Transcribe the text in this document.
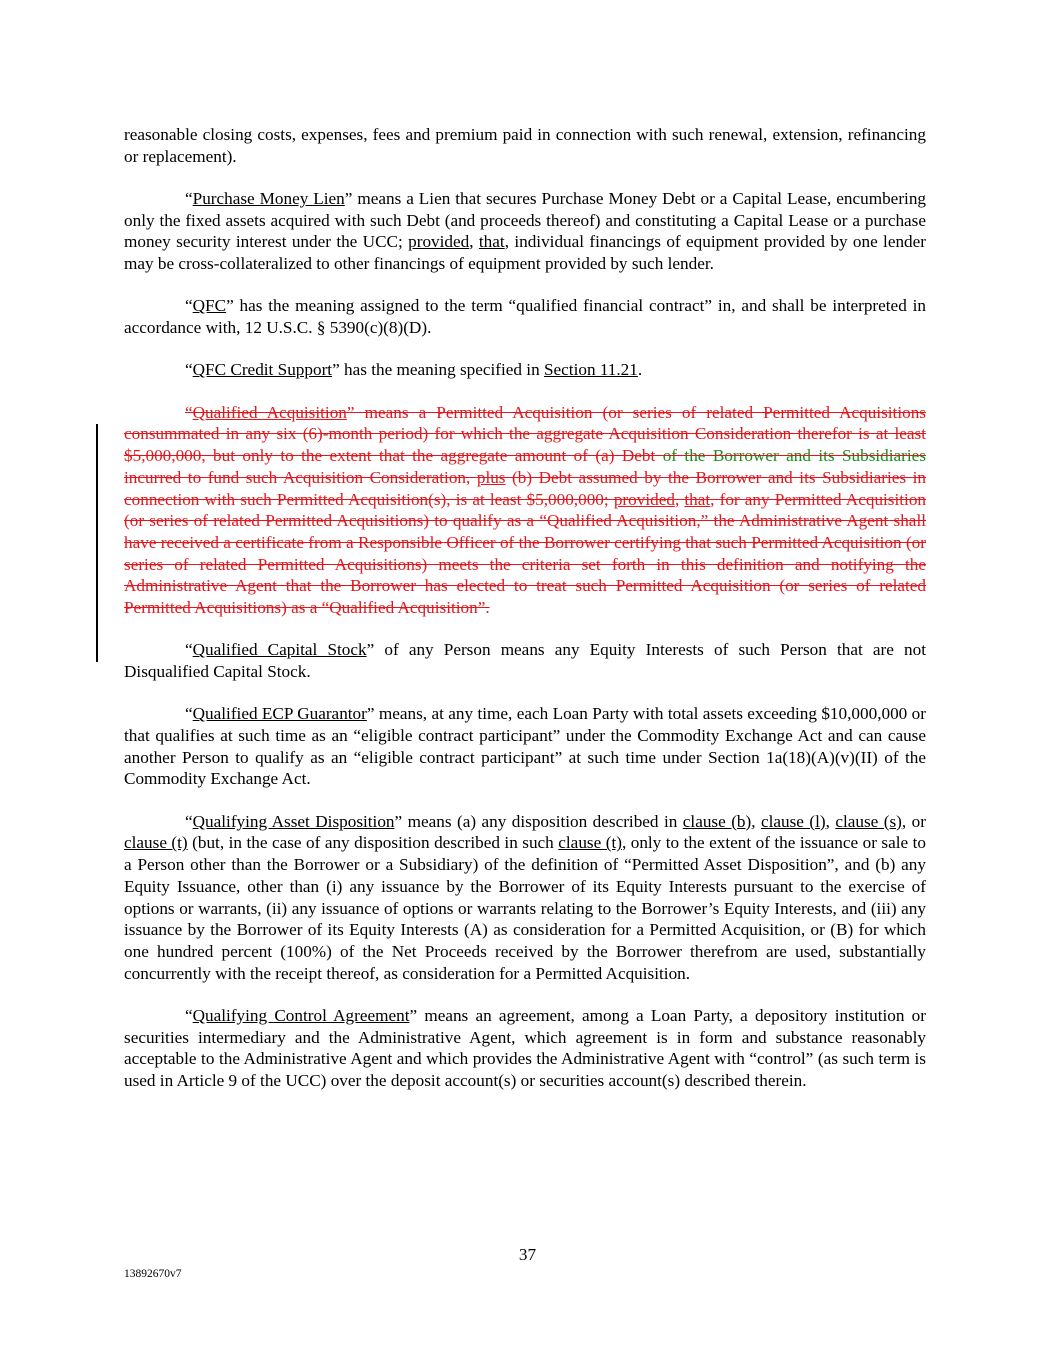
reasonable closing costs, expenses, fees and premium paid in connection with such renewal, extension, refinancing or replacement).

“Purchase Money Lien” means a Lien that secures Purchase Money Debt or a Capital Lease, encumbering only the fixed assets acquired with such Debt (and proceeds thereof) and constituting a Capital Lease or a purchase money security interest under the UCC; provided, that, individual financings of equipment provided by one lender may be cross-collateralized to other financings of equipment provided by such lender.

“QFC” has the meaning assigned to the term “qualified financial contract” in, and shall be interpreted in accordance with, 12 U.S.C. § 5390(c)(8)(D).

“QFC Credit Support” has the meaning specified in Section 11.21.

“Qualified Acquisition” means a Permitted Acquisition (or series of related Permitted Acquisitions consummated in any six (6)-month period) for which the aggregate Acquisition Consideration therefor is at least $5,000,000, but only to the extent that the aggregate amount of (a) Debt of the Borrower and its Subsidiaries incurred to fund such Acquisition Consideration, plus (b) Debt assumed by the Borrower and its Subsidiaries in connection with such Permitted Acquisition(s), is at least $5,000,000; provided, that, for any Permitted Acquisition (or series of related Permitted Acquisitions) to qualify as a “Qualified Acquisition,” the Administrative Agent shall have received a certificate from a Responsible Officer of the Borrower certifying that such Permitted Acquisition (or series of related Permitted Acquisitions) meets the criteria set forth in this definition and notifying the Administrative Agent that the Borrower has elected to treat such Permitted Acquisition (or series of related Permitted Acquisitions) as a “Qualified Acquisition”.

“Qualified Capital Stock” of any Person means any Equity Interests of such Person that are not Disqualified Capital Stock.

“Qualified ECP Guarantor” means, at any time, each Loan Party with total assets exceeding $10,000,000 or that qualifies at such time as an “eligible contract participant” under the Commodity Exchange Act and can cause another Person to qualify as an “eligible contract participant” at such time under Section 1a(18)(A)(v)(II) of the Commodity Exchange Act.

“Qualifying Asset Disposition” means (a) any disposition described in clause (b), clause (l), clause (s), or clause (t) (but, in the case of any disposition described in such clause (t), only to the extent of the issuance or sale to a Person other than the Borrower or a Subsidiary) of the definition of “Permitted Asset Disposition”, and (b) any Equity Issuance, other than (i) any issuance by the Borrower of its Equity Interests pursuant to the exercise of options or warrants, (ii) any issuance of options or warrants relating to the Borrower’s Equity Interests, and (iii) any issuance by the Borrower of its Equity Interests (A) as consideration for a Permitted Acquisition, or (B) for which one hundred percent (100%) of the Net Proceeds received by the Borrower therefrom are used, substantially concurrently with the receipt thereof, as consideration for a Permitted Acquisition.

“Qualifying Control Agreement” means an agreement, among a Loan Party, a depository institution or securities intermediary and the Administrative Agent, which agreement is in form and substance reasonably acceptable to the Administrative Agent and which provides the Administrative Agent with “control” (as such term is used in Article 9 of the UCC) over the deposit account(s) or securities account(s) described therein.

37
13892670v7
